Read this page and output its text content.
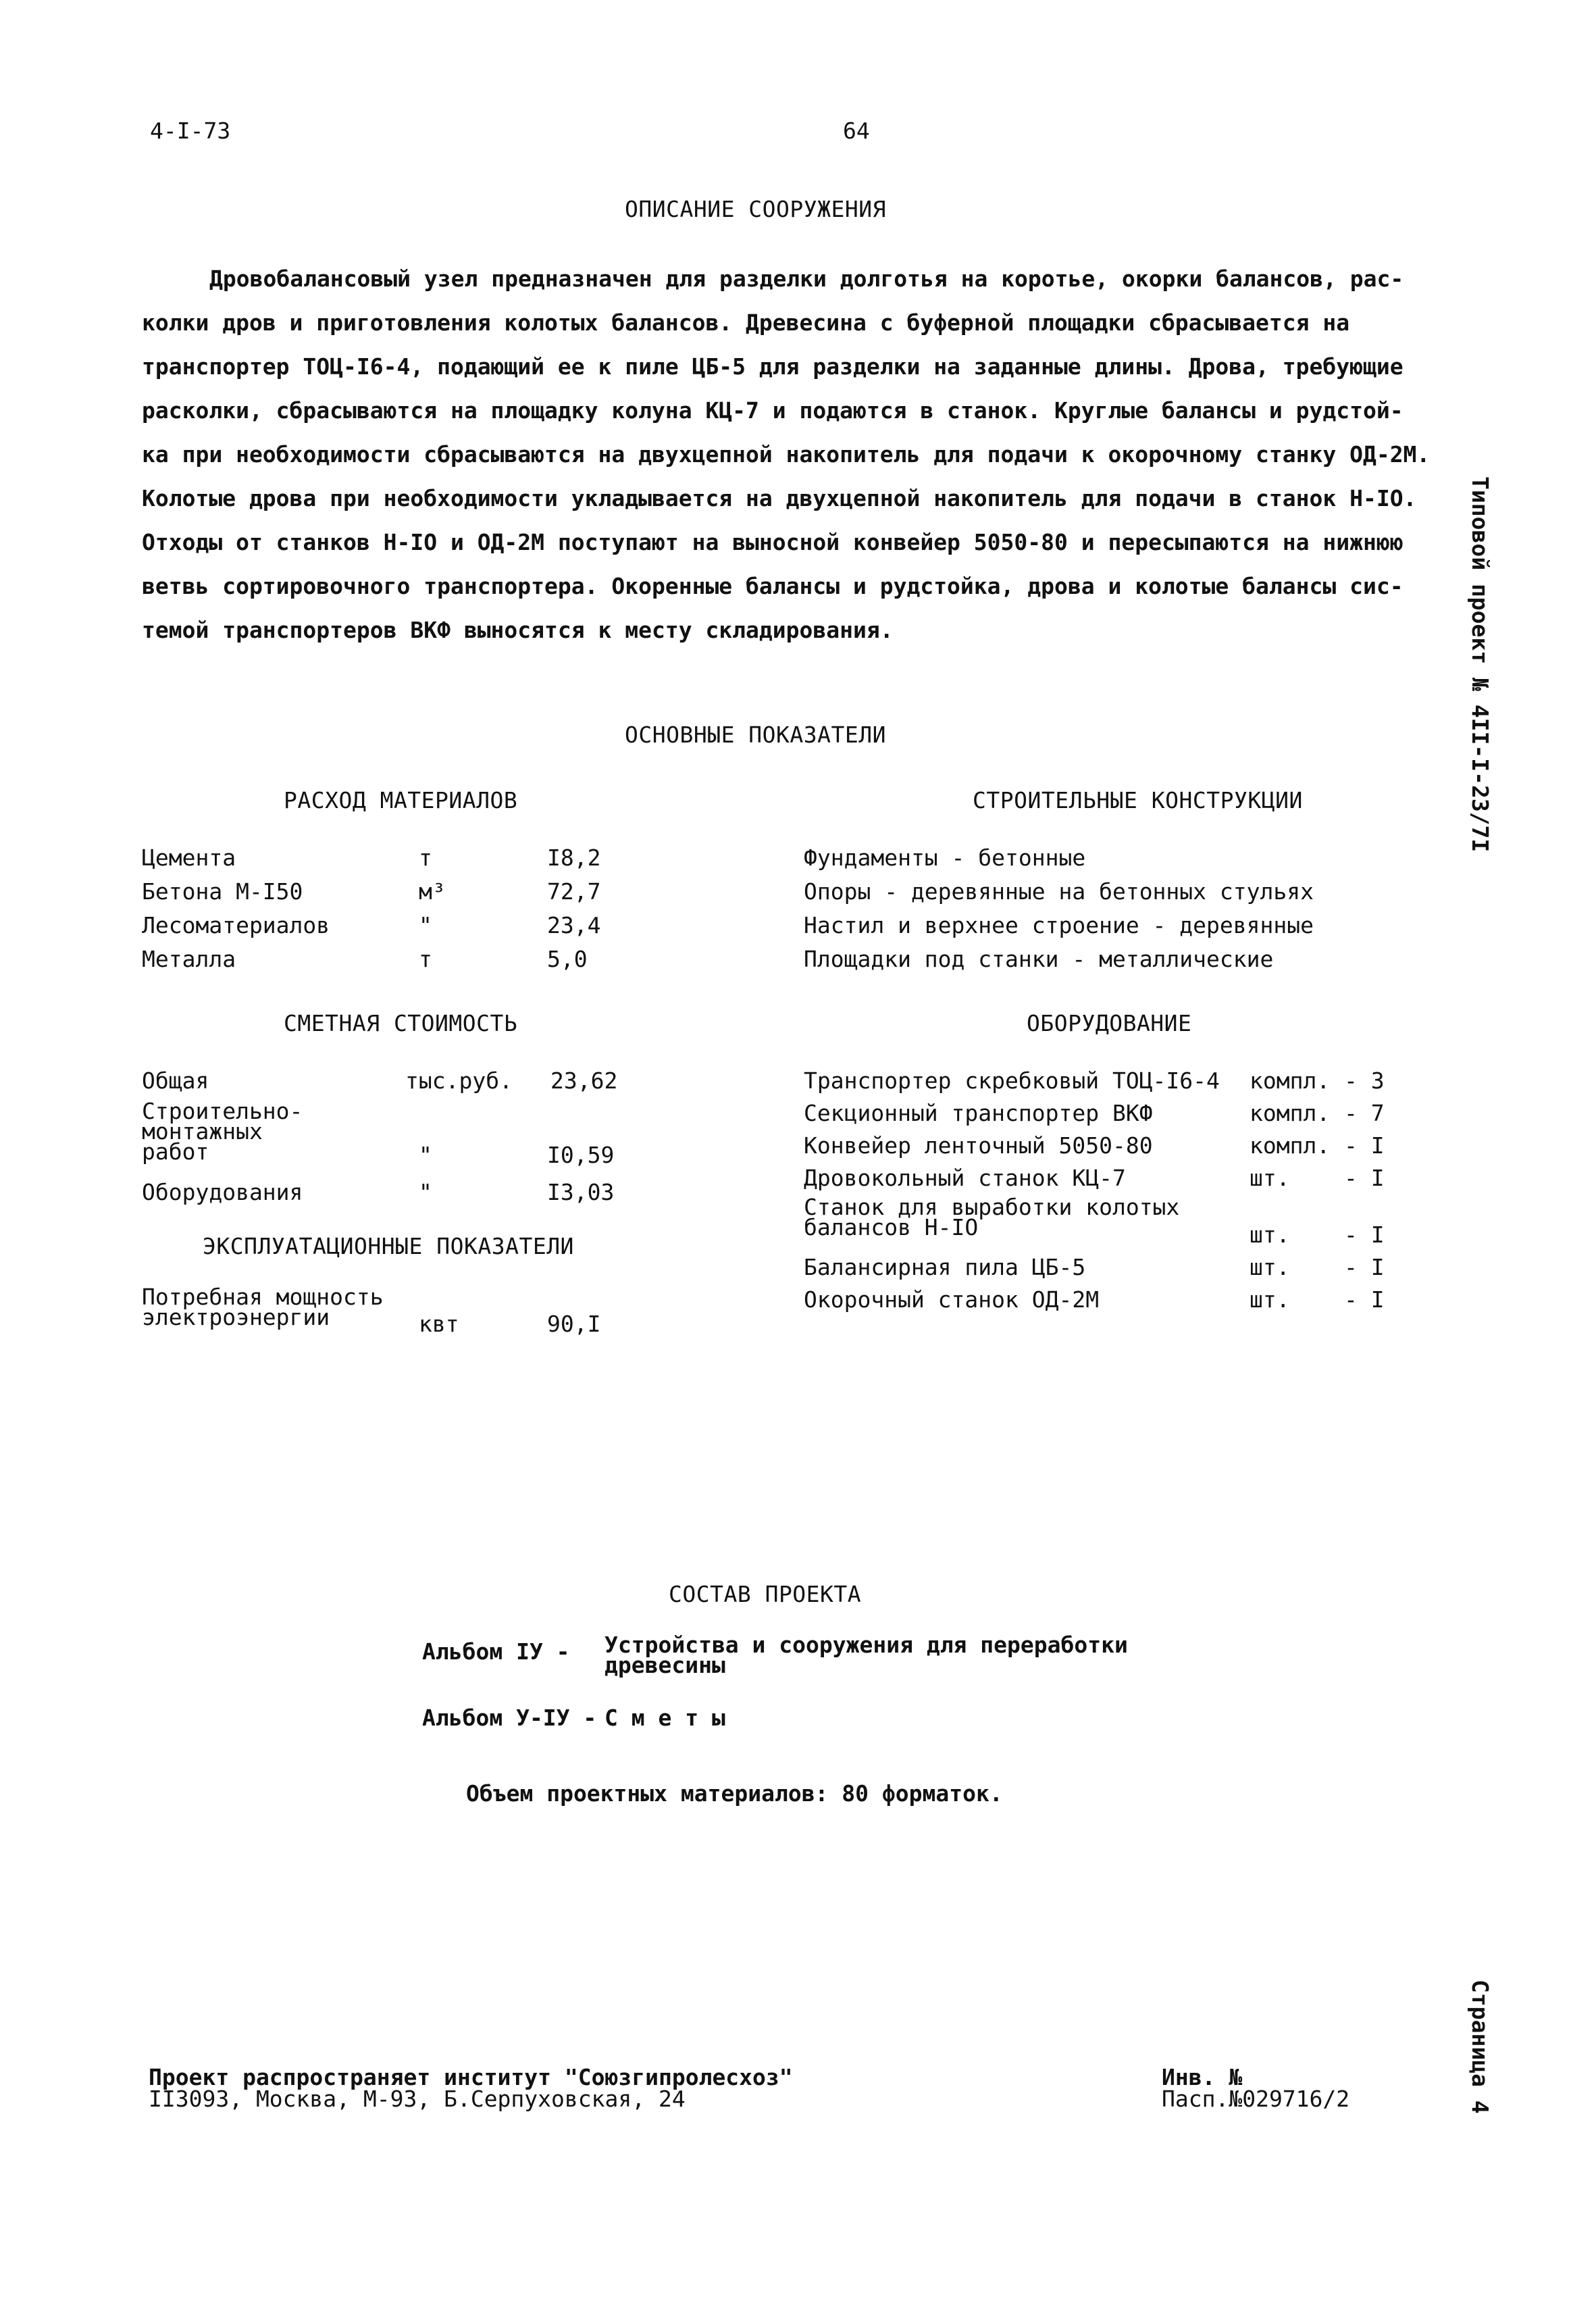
4-I-73	64
ОПИСАНИЕ СООРУЖЕНИЯ

Дровобалансовый узел предназначен для разделки долготья на коротье, окорки балансов, рас-

колки дров и приготовления колотых балансов. Древесина с буферной площадки сбрасывается на

транспортер ТОЦ-I6-4, подающий ее к пиле ЦБ-5 для разделки на заданные длины. Дрова, требующие

расколки, сбрасываются на площадку колуна КЦ-7 и подаются в станок. Круглые балансы и рудстой-

ка при необходимости сбрасываются на двухцепной накопитель для подачи к окорочному станку ОД-2М.

Колотые дрова при необходимости укладывается на двухцепной накопитель для подачи в станок Н-IO.

Отходы от станков Н-IO и ОД-2М поступают на выносной конвейер 5050-80 и пересыпаются на нижнюю

ветвь сортировочного транспортера. Окоренные балансы и рудстойка, дрова и колотые балансы сис-

темой транспортеров ВКФ выносятся к месту складирования.

ОСНОВНЫЕ ПОКАЗАТЕЛИ
РАСХОД МАТЕРИАЛОВ
Цемента	т	I8,2
Бетона М-I50	м³	72,7
Лесоматериалов	"	23,4
Металла	т	5,0
СМЕТНАЯ СТОИМОСТЬ
Общая	тыс.руб. 23,62
Строительно-
монтажных
работ	"	I0,59
Оборудования	"	I3,03
ЭКСПЛУАТАЦИОННЫЕ ПОКАЗАТЕЛИ
Потребная мощность
электроэнергии	квт	90,I
СТРОИТЕЛЬНЫЕ КОНСТРУКЦИИ
Фундаменты - бетонные
Опоры - деревянные на бетонных стульях
Настил и верхнее строение - деревянные
Площадки под станки - металлические
ОБОРУДОВАНИЕ
Транспортер скребковый ТОЦ-I6-4 компл. - 3
Секционный транспортер ВКФ	компл. - 7
Конвейер ленточный 5050-80	компл. - I
Дровокольный станок КЦ-7	шт. - I
Станок для выработки колотых
балансов Н-IO	шт. - I
Балансирная пила ЦБ-5	шт. - I
Окорочный станок ОД-2М	шт. - I
СОСТАВ ПРОЕКТА
Альбом IУ - Устройства и сооружения для переработки
древесины
Альбом У-IУ - С м е т ы
Объем проектных материалов: 80 форматок.
Проект распространяет институт "Союзгипролесхоз"
II3093, Москва, М-93, Б.Серпуховская, 24
Инв. №
Пасп.№029716/2
Типовой проект № 4II-I-23/7I
Страница 4
